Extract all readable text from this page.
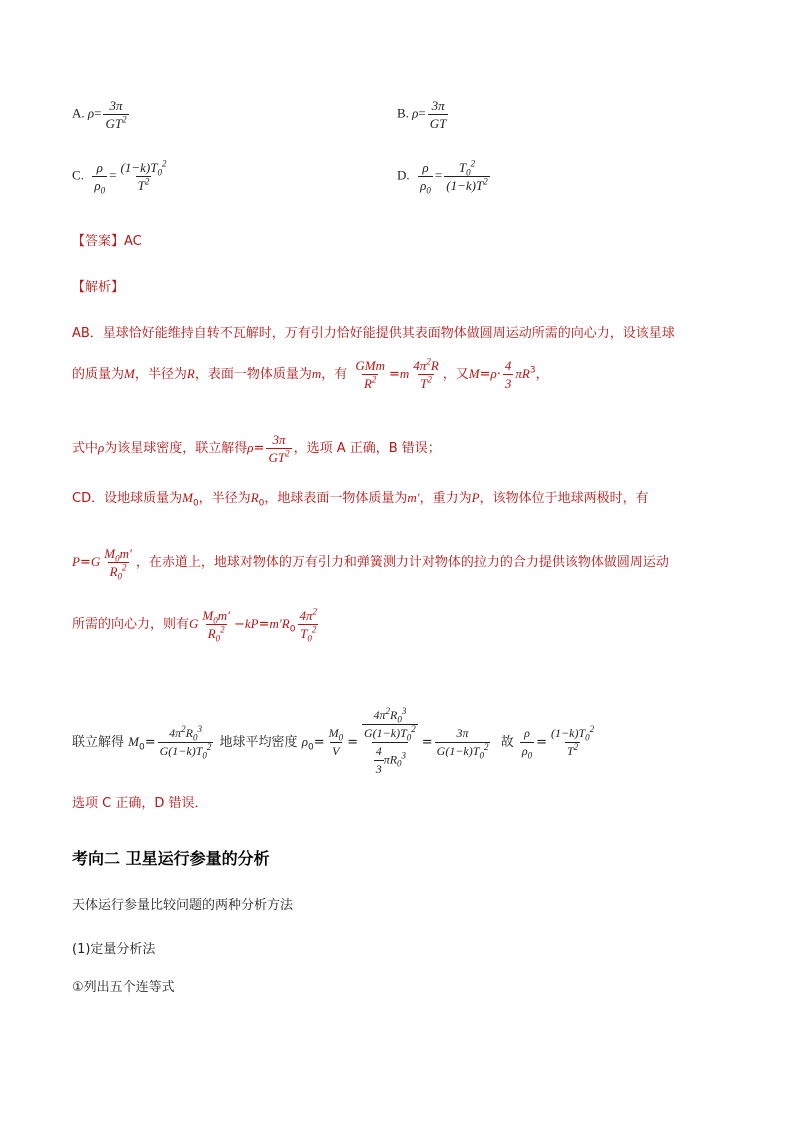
A. $\rho= \frac{3\pi}{GT^2}$	B. $\rho= \frac{3\pi}{GT}$
C. $\frac{\rho}{\rho_0} = \frac{(1-k)T_0^2}{T^2}$	D. $\frac{\rho}{\rho_0} = \frac{T_0^2}{(1-k)T^2}$
【答案】AC
【解析】
AB．星球恰好能维持自转不瓦解时，万有引力恰好能提供其表面物体做圆周运动所需的向心力，设该星球
的质量为M，半径为R，表面一物体质量为m，有 $\frac{\text{GMm}}{R^2} =m \frac{4\pi^2R}{T^2}$ ，又$M=\rho\cdot \frac{4}{3} \pi R^3$，
式中ρ为该星球密度，联立解得$\rho= \frac{3\pi}{GT^2}$ ，选项 A 正确，B 错误；
CD．设地球质量为$M_0$，半径为$R_0$，地球表面一物体质量为m′，重力为P，该物体位于地球两极时，有
$P=G \frac{M_0m'}{R_0^2}$ ，在赤道上，地球对物体的万有引力和弹簧测力计对物体的拉力的合力提供该物体做圆周运动
所需的向心力，则有G $\frac{M_0m'}{R_0^2} -kP=m'R_0 \frac{4\pi^2}{T_0^2}$
联立解得 $M_0= \frac{4\pi^2R_0^3}{G(1-k)T_0^2}$ 地球平均密度 $\rho_0= \frac{M_0}{V} = \frac{\frac{4\pi^2R_0^3}{G(1-k)T_0^2}}{\frac{4}{3} \pi R_0^3} = \frac{3\pi}{G(1-k)T_0^2}$ 故 $\frac{\rho}{\rho_0} = \frac{(1-k)T_0^2}{T^2}$
选项 C 正确，D 错误．
考向二 卫星运行参量的分析
天体运行参量比较问题的两种分析方法
(1)定量分析法
①列出五个连等式
